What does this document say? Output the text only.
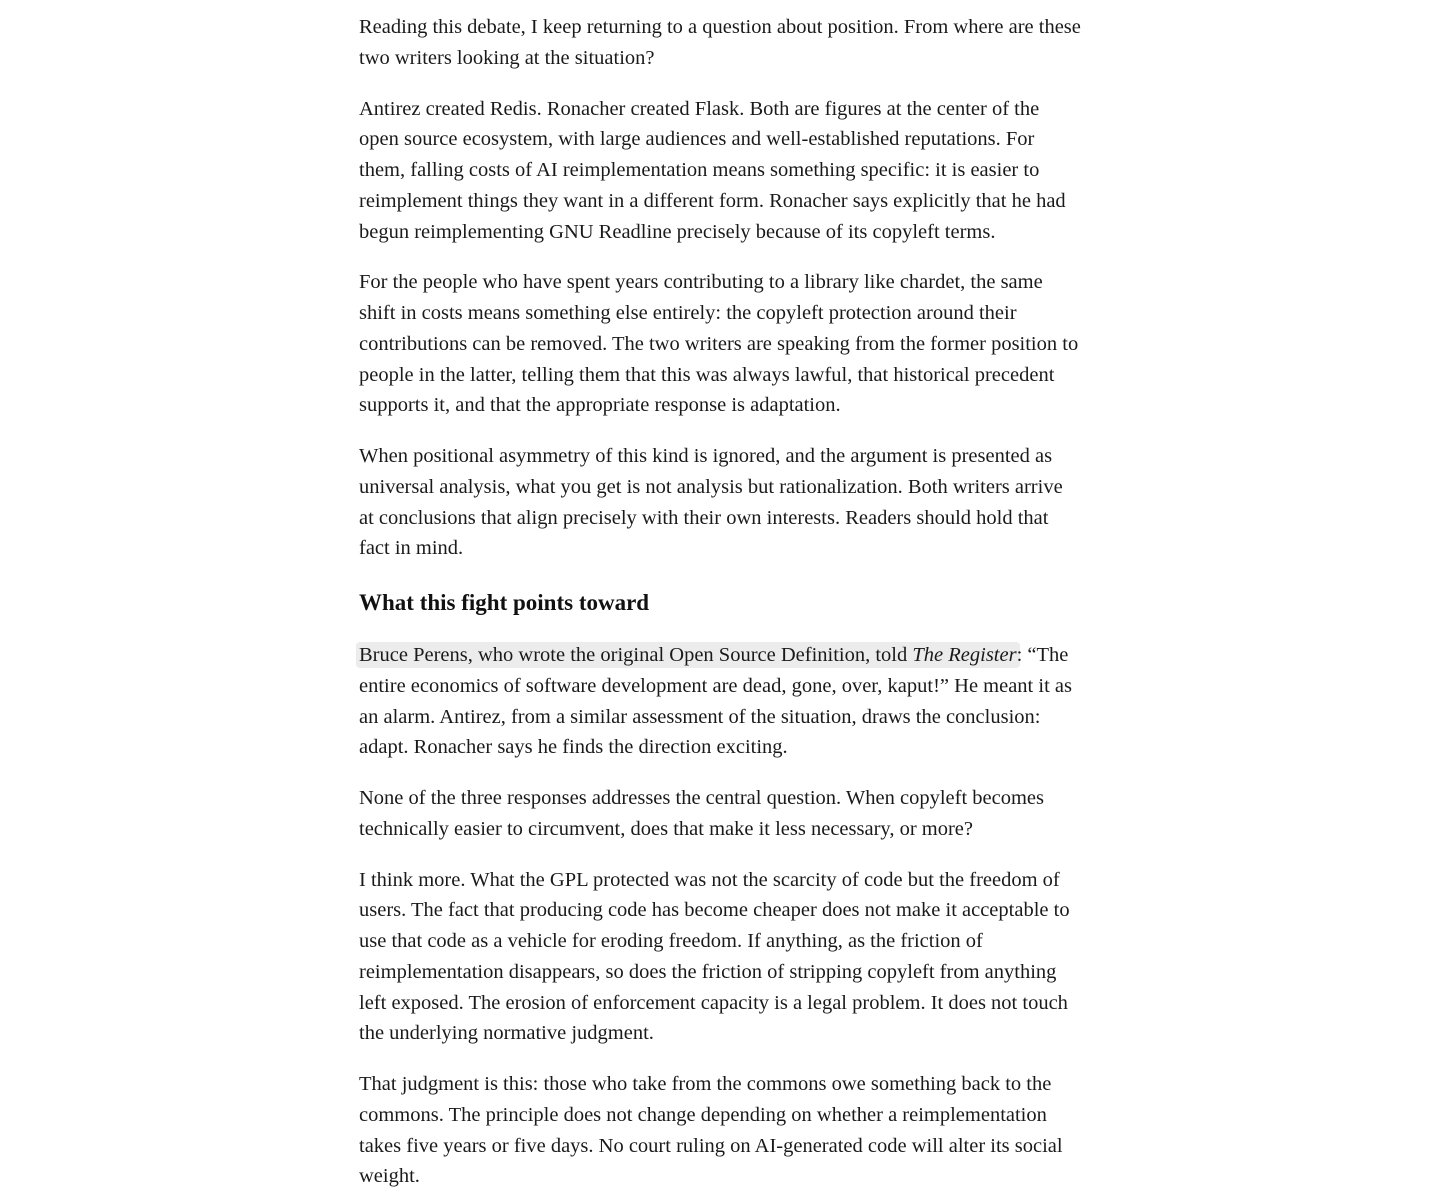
Reading this debate, I keep returning to a question about position. From where are these two writers looking at the situation?

Antirez created Redis. Ronacher created Flask. Both are figures at the center of the open source ecosystem, with large audiences and well-established reputations. For them, falling costs of AI reimplementation means something specific: it is easier to reimplement things they want in a different form. Ronacher says explicitly that he had begun reimplementing GNU Readline precisely because of its copyleft terms.

For the people who have spent years contributing to a library like chardet, the same shift in costs means something else entirely: the copyleft protection around their contributions can be removed. The two writers are speaking from the former position to people in the latter, telling them that this was always lawful, that historical precedent supports it, and that the appropriate response is adaptation.

When positional asymmetry of this kind is ignored, and the argument is presented as universal analysis, what you get is not analysis but rationalization. Both writers arrive at conclusions that align precisely with their own interests. Readers should hold that fact in mind.

What this fight points toward

Bruce Perens, who wrote the original Open Source Definition, told The Register: “The entire economics of software development are dead, gone, over, kaput!” He meant it as an alarm. Antirez, from a similar assessment of the situation, draws the conclusion: adapt. Ronacher says he finds the direction exciting.

None of the three responses addresses the central question. When copyleft becomes technically easier to circumvent, does that make it less necessary, or more?

I think more. What the GPL protected was not the scarcity of code but the freedom of users. The fact that producing code has become cheaper does not make it acceptable to use that code as a vehicle for eroding freedom. If anything, as the friction of reimplementation disappears, so does the friction of stripping copyleft from anything left exposed. The erosion of enforcement capacity is a legal problem. It does not touch the underlying normative judgment.

That judgment is this: those who take from the commons owe something back to the commons. The principle does not change depending on whether a reimplementation takes five years or five days. No court ruling on AI-generated code will alter its social weight.
